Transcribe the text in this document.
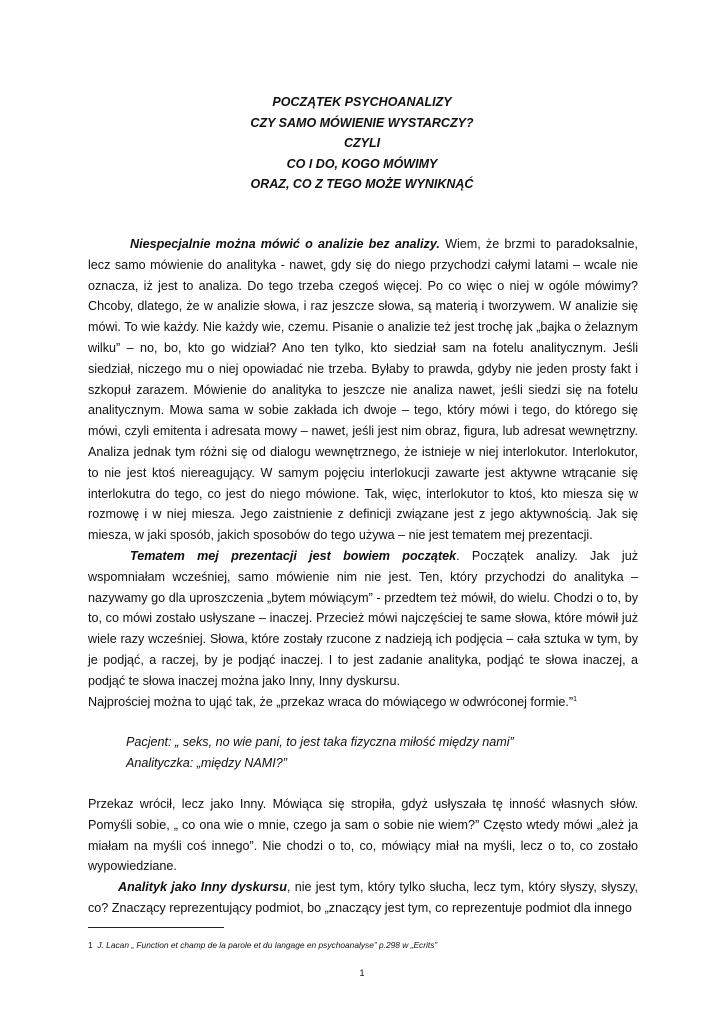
POCZĄTEK PSYCHOANALIZY
CZY SAMO MÓWIENIE WYSTARCZY?
CZYLI
CO I DO, KOGO MÓWIMY
ORAZ, CO Z TEGO MOŻE WYNIKNĄĆ

Niespecjalnie można mówić o analizie bez analizy. Wiem, że brzmi to paradoksalnie, lecz samo mówienie do analityka - nawet, gdy się do niego przychodzi całymi latami – wcale nie oznacza, iż jest to analiza. Do tego trzeba czegoś więcej. Po co więc o niej w ogóle mówimy? Chcoby, dlatego, że w analizie słowa, i raz jeszcze słowa, są materią i tworzywem. W analizie się mówi. To wie każdy. Nie każdy wie, czemu. Pisanie o analizie też jest trochę jak „bajka o żelaznym wilku” – no, bo, kto go widział? Ano ten tylko, kto siedział sam na fotelu analitycznym. Jeśli siedział, niczego mu o niej opowiadać nie trzeba. Byłaby to prawda, gdyby nie jeden prosty fakt i szkopuł zarazem. Mówienie do analityka to jeszcze nie analiza nawet, jeśli siedzi się na fotelu analitycznym. Mowa sama w sobie zakłada ich dwoje – tego, który mówi i tego, do którego się mówi, czyli emitenta i adresata mowy – nawet, jeśli jest nim obraz, figura, lub adresat wewnętrzny. Analiza jednak tym różni się od dialogu wewnętrznego, że istnieje w niej interlokutor. Interlokutor, to nie jest ktoś niereagujący. W samym pojęciu interlokucji zawarte jest aktywne wtrącanie się interlokutra do tego, co jest do niego mówione. Tak, więc, interlokutor to ktoś, kto miesza się w rozmowę i w niej miesza. Jego zaistnienie z definicji związane jest z jego aktywnością. Jak się miesza, w jaki sposób, jakich sposobów do tego używa – nie jest tematem mej prezentacji.

Tematem mej prezentacji jest bowiem początek. Początek analizy. Jak już wspomniałam wcześniej, samo mówienie nim nie jest. Ten, który przychodzi do analityka – nazywamy go dla uproszczenia „bytem mówiącym” - przedtem też mówił, do wielu. Chodzi o to, by to, co mówi zostało usłyszane – inaczej. Przecież mówi najczęściej te same słowa, które mówił już wiele razy wcześniej. Słowa, które zostały rzucone z nadzieją ich podjęcia – cała sztuka w tym, by je podjąć, a raczej, by je podjąć inaczej. I to jest zadanie analityka, podjąć te słowa inaczej, a podjąć te słowa inaczej można jako Inny, Inny dyskursu.

Najprościej można to ująć tak, że „przekaz wraca do mówiącego w odwróconej formie.”$^1$

Pacjent: „ seks, no wie pani, to jest taka fizyczna miłość między nami”
Analityczka: „między NAMI?”

Przekaz wrócił, lecz jako Inny. Mówiąca się stropiła, gdyż usłyszała tę inność własnych słów. Pomyśli sobie, „ co ona wie o mnie, czego ja sam o sobie nie wiem?” Często wtedy mówi „ależ ja miałam na myśli coś innego”. Nie chodzi o to, co, mówiący miał na myśli, lecz o to, co zostało wypowiedziane.

Analityk jako Inny dyskursu, nie jest tym, który tylko słucha, lecz tym, który słyszy, słyszy, co? Znaczący reprezentujący podmiot, bo „znaczący jest tym, co reprezentuje podmiot dla innego

1 J. Lacan „ Function et champ de la parole et du langage en psychoanalyse” p.298 w „Ecrits”
1
